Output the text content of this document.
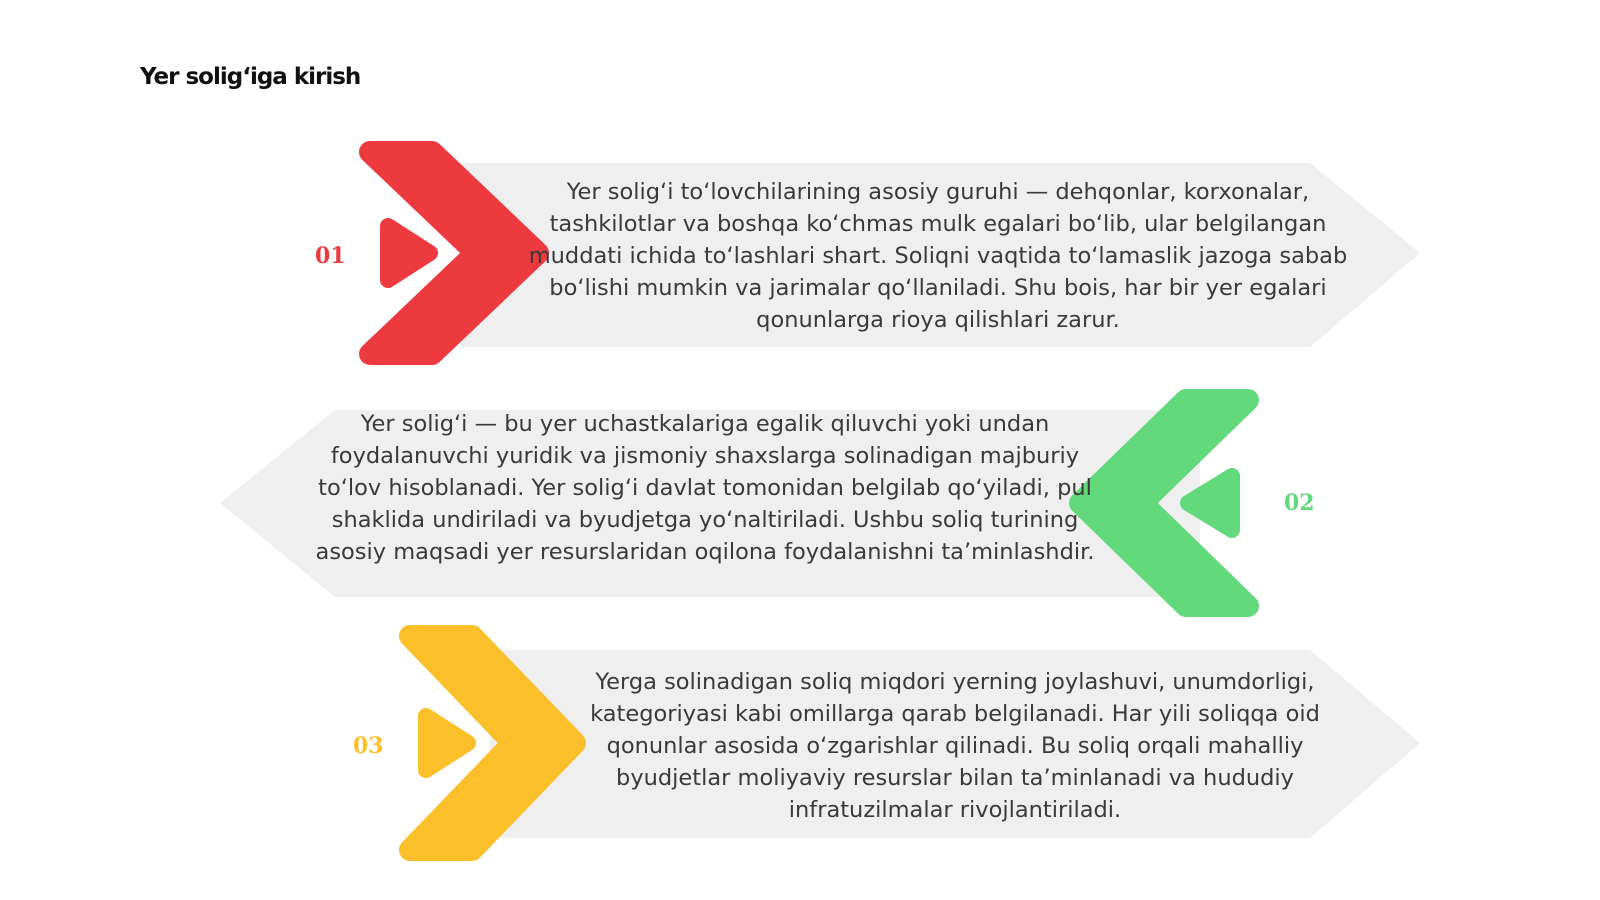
Yer solig‘iga kirish
01
Yer solig‘i to‘lovchilarining asosiy guruhi — dehqonlar, korxonalar, tashkilotlar va boshqa ko‘chmas mulk egalari bo‘lib, ular belgilangan muddati ichida to‘lashlari shart. Soliqni vaqtida to‘lamaslik jazoga sabab bo‘lishi mumkin va jarimalar qo‘llaniladi. Shu bois, har bir yer egalari qonunlarga rioya qilishlari zarur.
Yer solig‘i — bu yer uchastkalariga egalik qiluvchi yoki undan foydalanuvchi yuridik va jismoniy shaxslarga solinadigan majburiy to‘lov hisoblanadi. Yer solig‘i davlat tomonidan belgilab qo‘yiladi, pul shaklida undiriladi va byudjetga yo‘naltiriladi. Ushbu soliq turining asosiy maqsadi yer resurslaridan oqilona foydalanishni ta’minlashdir.
02
03
Yerga solinadigan soliq miqdori yerning joylashuvi, unumdorligi, kategoriyasi kabi omillarga qarab belgilanadi. Har yili soliqqa oid qonunlar asosida o‘zgarishlar qilinadi. Bu soliq orqali mahalliy byudjetlar moliyaviy resurslar bilan ta’minlanadi va hududiy infratuzilmalar rivojlantiriladi.
